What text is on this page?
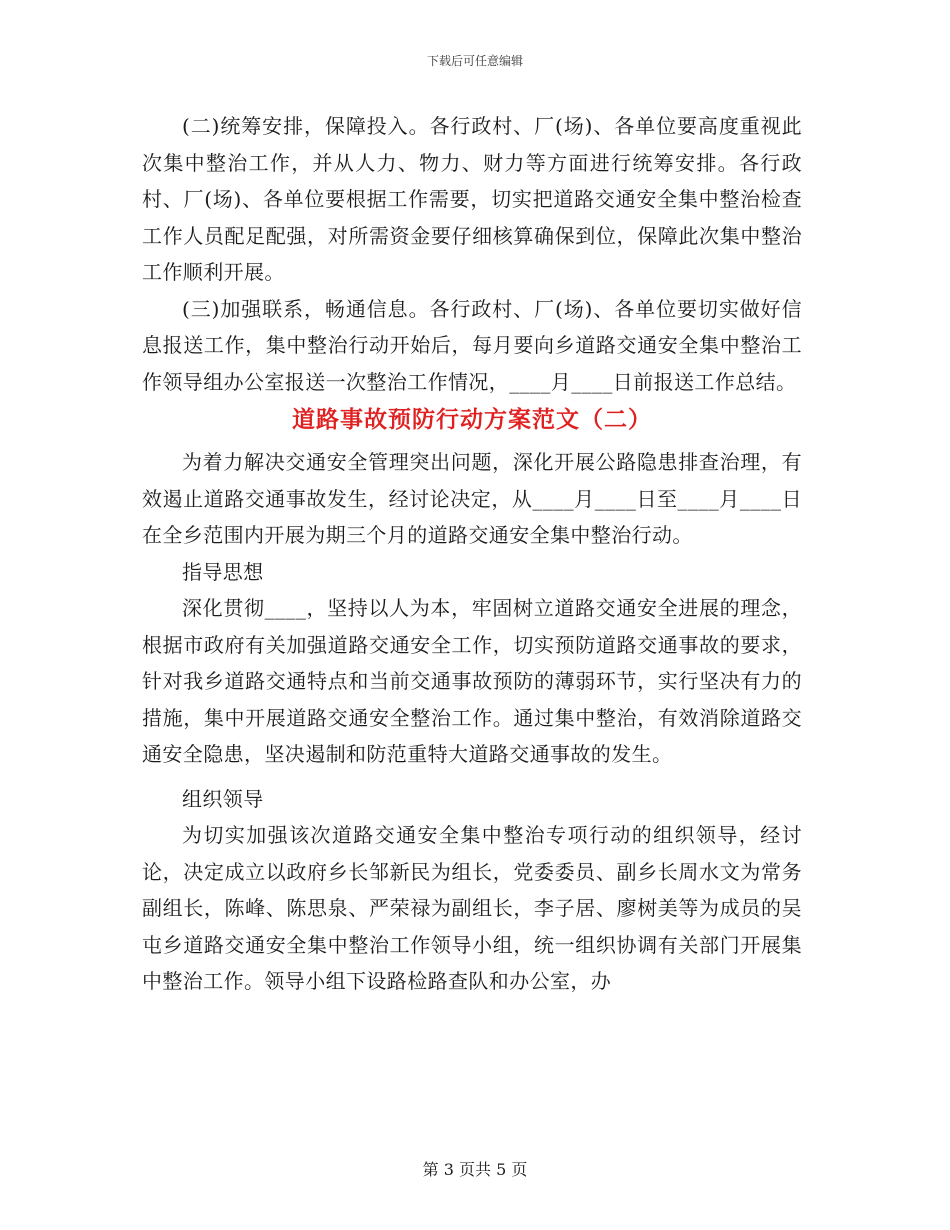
下载后可任意编辑

(二)统筹安排，保障投入。各行政村、厂(场)、各单位要高度重视此次集中整治工作，并从人力、物力、财力等方面进行统筹安排。各行政村、厂(场)、各单位要根据工作需要，切实把道路交通安全集中整治检查工作人员配足配强，对所需资金要仔细核算确保到位，保障此次集中整治工作顺利开展。

(三)加强联系，畅通信息。各行政村、厂(场)、各单位要切实做好信息报送工作，集中整治行动开始后，每月要向乡道路交通安全集中整治工作领导组办公室报送一次整治工作情况，____月____日前报送工作总结。

道路事故预防行动方案范文（二）

为着力解决交通安全管理突出问题，深化开展公路隐患排查治理，有效遏止道路交通事故发生，经讨论决定，从____月____日至____月____日在全乡范围内开展为期三个月的道路交通安全集中整治行动。

指导思想

深化贯彻____，坚持以人为本，牢固树立道路交通安全进展的理念，根据市政府有关加强道路交通安全工作，切实预防道路交通事故的要求，针对我乡道路交通特点和当前交通事故预防的薄弱环节，实行坚决有力的措施，集中开展道路交通安全整治工作。通过集中整治，有效消除道路交通安全隐患，坚决遏制和防范重特大道路交通事故的发生。

组织领导

为切实加强该次道路交通安全集中整治专项行动的组织领导，经讨论，决定成立以政府乡长邹新民为组长，党委委员、副乡长周水文为常务副组长，陈峰、陈思泉、严荣禄为副组长，李子居、廖树美等为成员的吴屯乡道路交通安全集中整治工作领导小组，统一组织协调有关部门开展集中整治工作。领导小组下设路检路查队和办公室，办

第 3 页共 5 页
